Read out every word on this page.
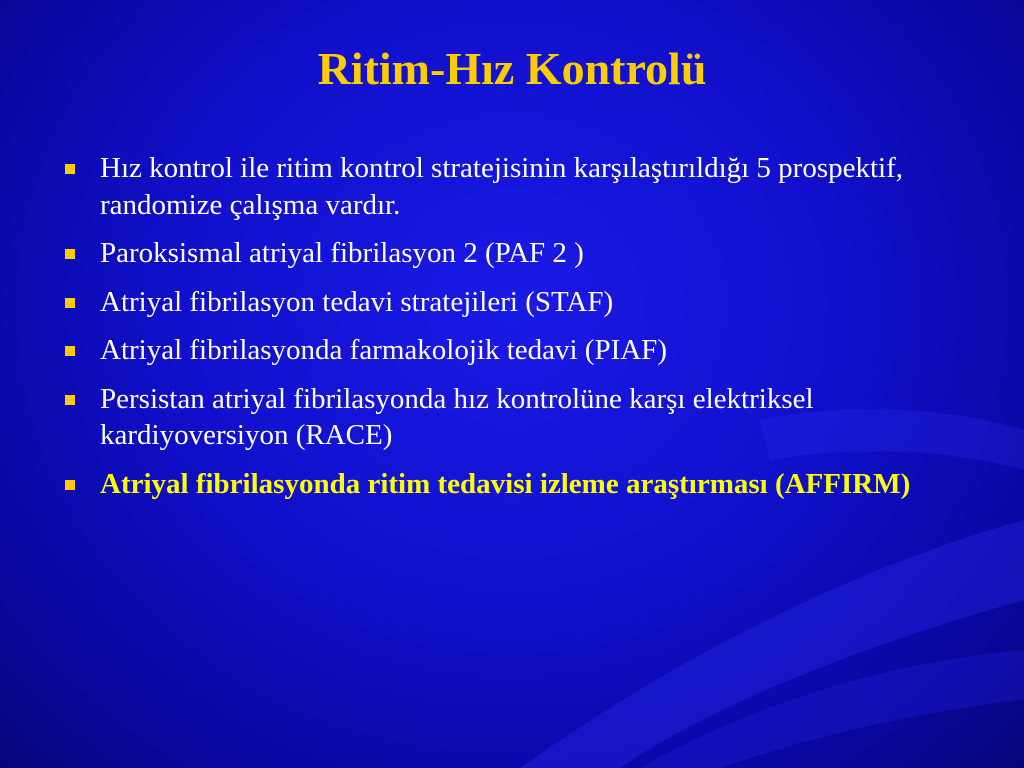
Ritim-Hız Kontrolü
Hız kontrol ile ritim kontrol stratejisinin karşılaştırıldığı 5 prospektif, randomize çalışma vardır.
Paroksismal atriyal fibrilasyon 2 (PAF 2 )
Atriyal fibrilasyon tedavi stratejileri (STAF)
Atriyal fibrilasyonda farmakolojik tedavi (PIAF)
Persistan atriyal fibrilasyonda hız kontrolüne karşı elektriksel kardiyoversiyon (RACE)
Atriyal fibrilasyonda ritim tedavisi izleme araştırması (AFFIRM)
